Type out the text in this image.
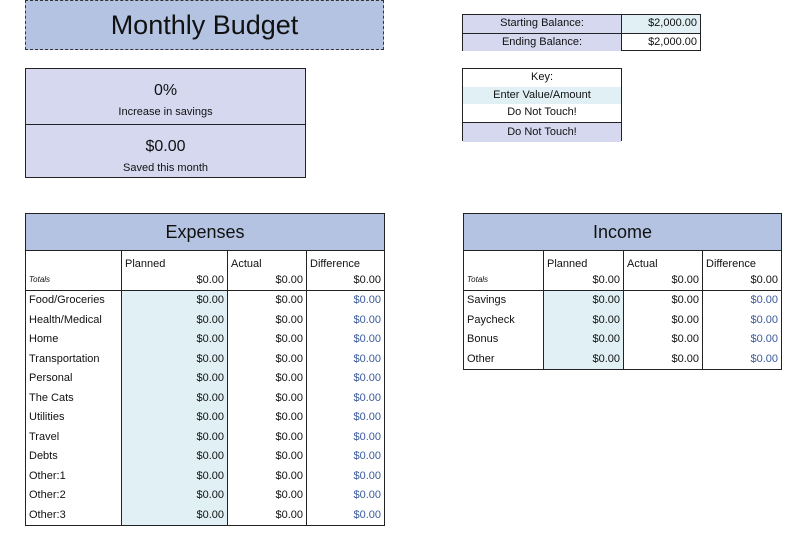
Monthly Budget	Starting Balance:	$2,000.00
Ending Balance:	$2,000.00
0%
Increase in savings
$0.00
Saved this month
Key:
Enter Value/Amount
Do Not Touch!
Do Not Touch!
Expenses			
	Planned	Actual	Difference
Totals	$0.00	$0.00	$0.00
Food/Groceries	$0.00	$0.00	$0.00
Health/Medical	$0.00	$0.00	$0.00
Home	$0.00	$0.00	$0.00
Transportation	$0.00	$0.00	$0.00
Personal	$0.00	$0.00	$0.00
The Cats	$0.00	$0.00	$0.00
Utilities	$0.00	$0.00	$0.00
Travel	$0.00	$0.00	$0.00
Debts	$0.00	$0.00	$0.00
Other:1	$0.00	$0.00	$0.00
Other:2	$0.00	$0.00	$0.00
Other:3	$0.00	$0.00	$0.00
Income			
	Planned	Actual	Difference
Totals	$0.00	$0.00	$0.00
Savings	$0.00	$0.00	$0.00
Paycheck	$0.00	$0.00	$0.00
Bonus	$0.00	$0.00	$0.00
Other	$0.00	$0.00	$0.00
